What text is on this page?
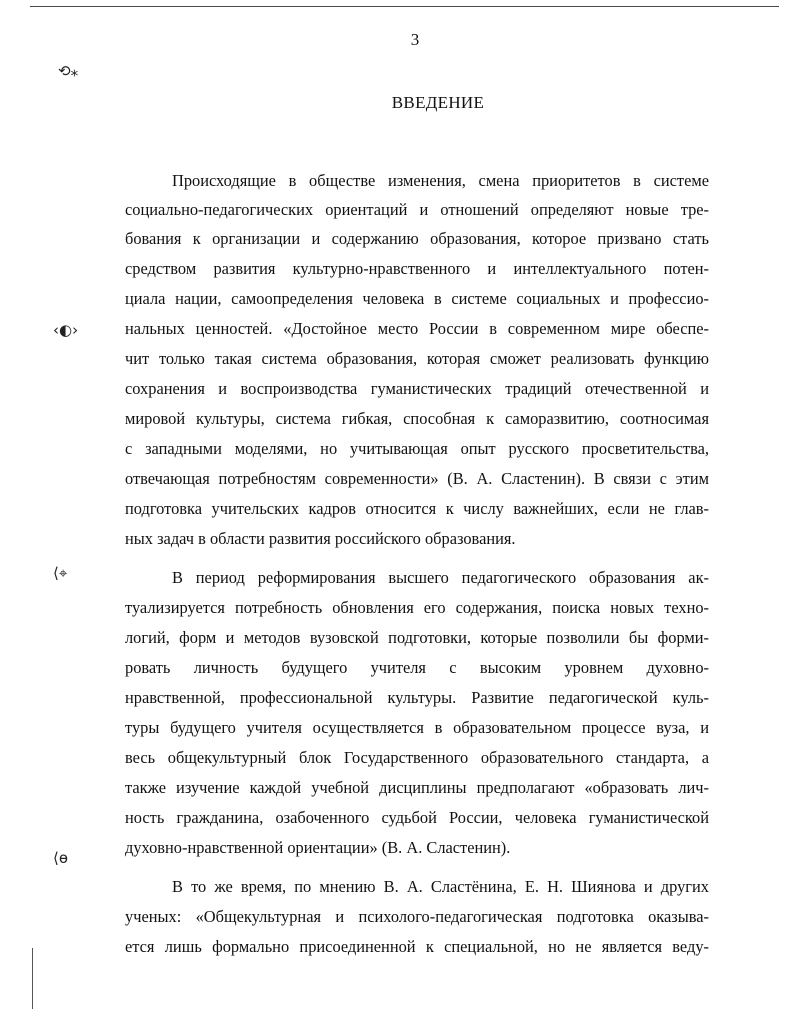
3
ВВЕДЕНИЕ
⟲⁎
‹◐›
⟨⌖
⟨ɵ
Происходящие в обществе изменения, смена приоритетов в системе
социально-педагогических ориентаций и отношений определяют новые тре-
бования к организации и содержанию образования, которое призвано стать
средством развития культурно-нравственного и интеллектуального потен-
циала нации, самоопределения человека в системе социальных и профессио-
нальных ценностей. «Достойное место России в современном мире обеспе-
чит только такая система образования, которая сможет реализовать функцию
сохранения и воспроизводства гуманистических традиций отечественной и
мировой культуры, система гибкая, способная к саморазвитию, соотносимая
с западными моделями, но учитывающая опыт русского просветительства,
отвечающая потребностям современности» (В. А. Сластенин). В связи с этим
подготовка учительских кадров относится к числу важнейших, если не глав-
ных задач в области развития российского образования.
В период реформирования высшего педагогического образования ак-
туализируется потребность обновления его содержания, поиска новых техно-
логий, форм и методов вузовской подготовки, которые позволили бы форми-
ровать личность будущего учителя с высоким уровнем духовно-
нравственной, профессиональной культуры. Развитие педагогической куль-
туры будущего учителя осуществляется в образовательном процессе вуза, и
весь общекультурный блок Государственного образовательного стандарта, а
также изучение каждой учебной дисциплины предполагают «образовать лич-
ность гражданина, озабоченного судьбой России, человека гуманистической
духовно-нравственной ориентации» (В. А. Сластенин).
В то же время, по мнению В. А. Сластёнина, Е. Н. Шиянова и других
ученых: «Общекультурная и психолого-педагогическая подготовка оказыва-
ется лишь формально присоединенной к специальной, но не является веду-
